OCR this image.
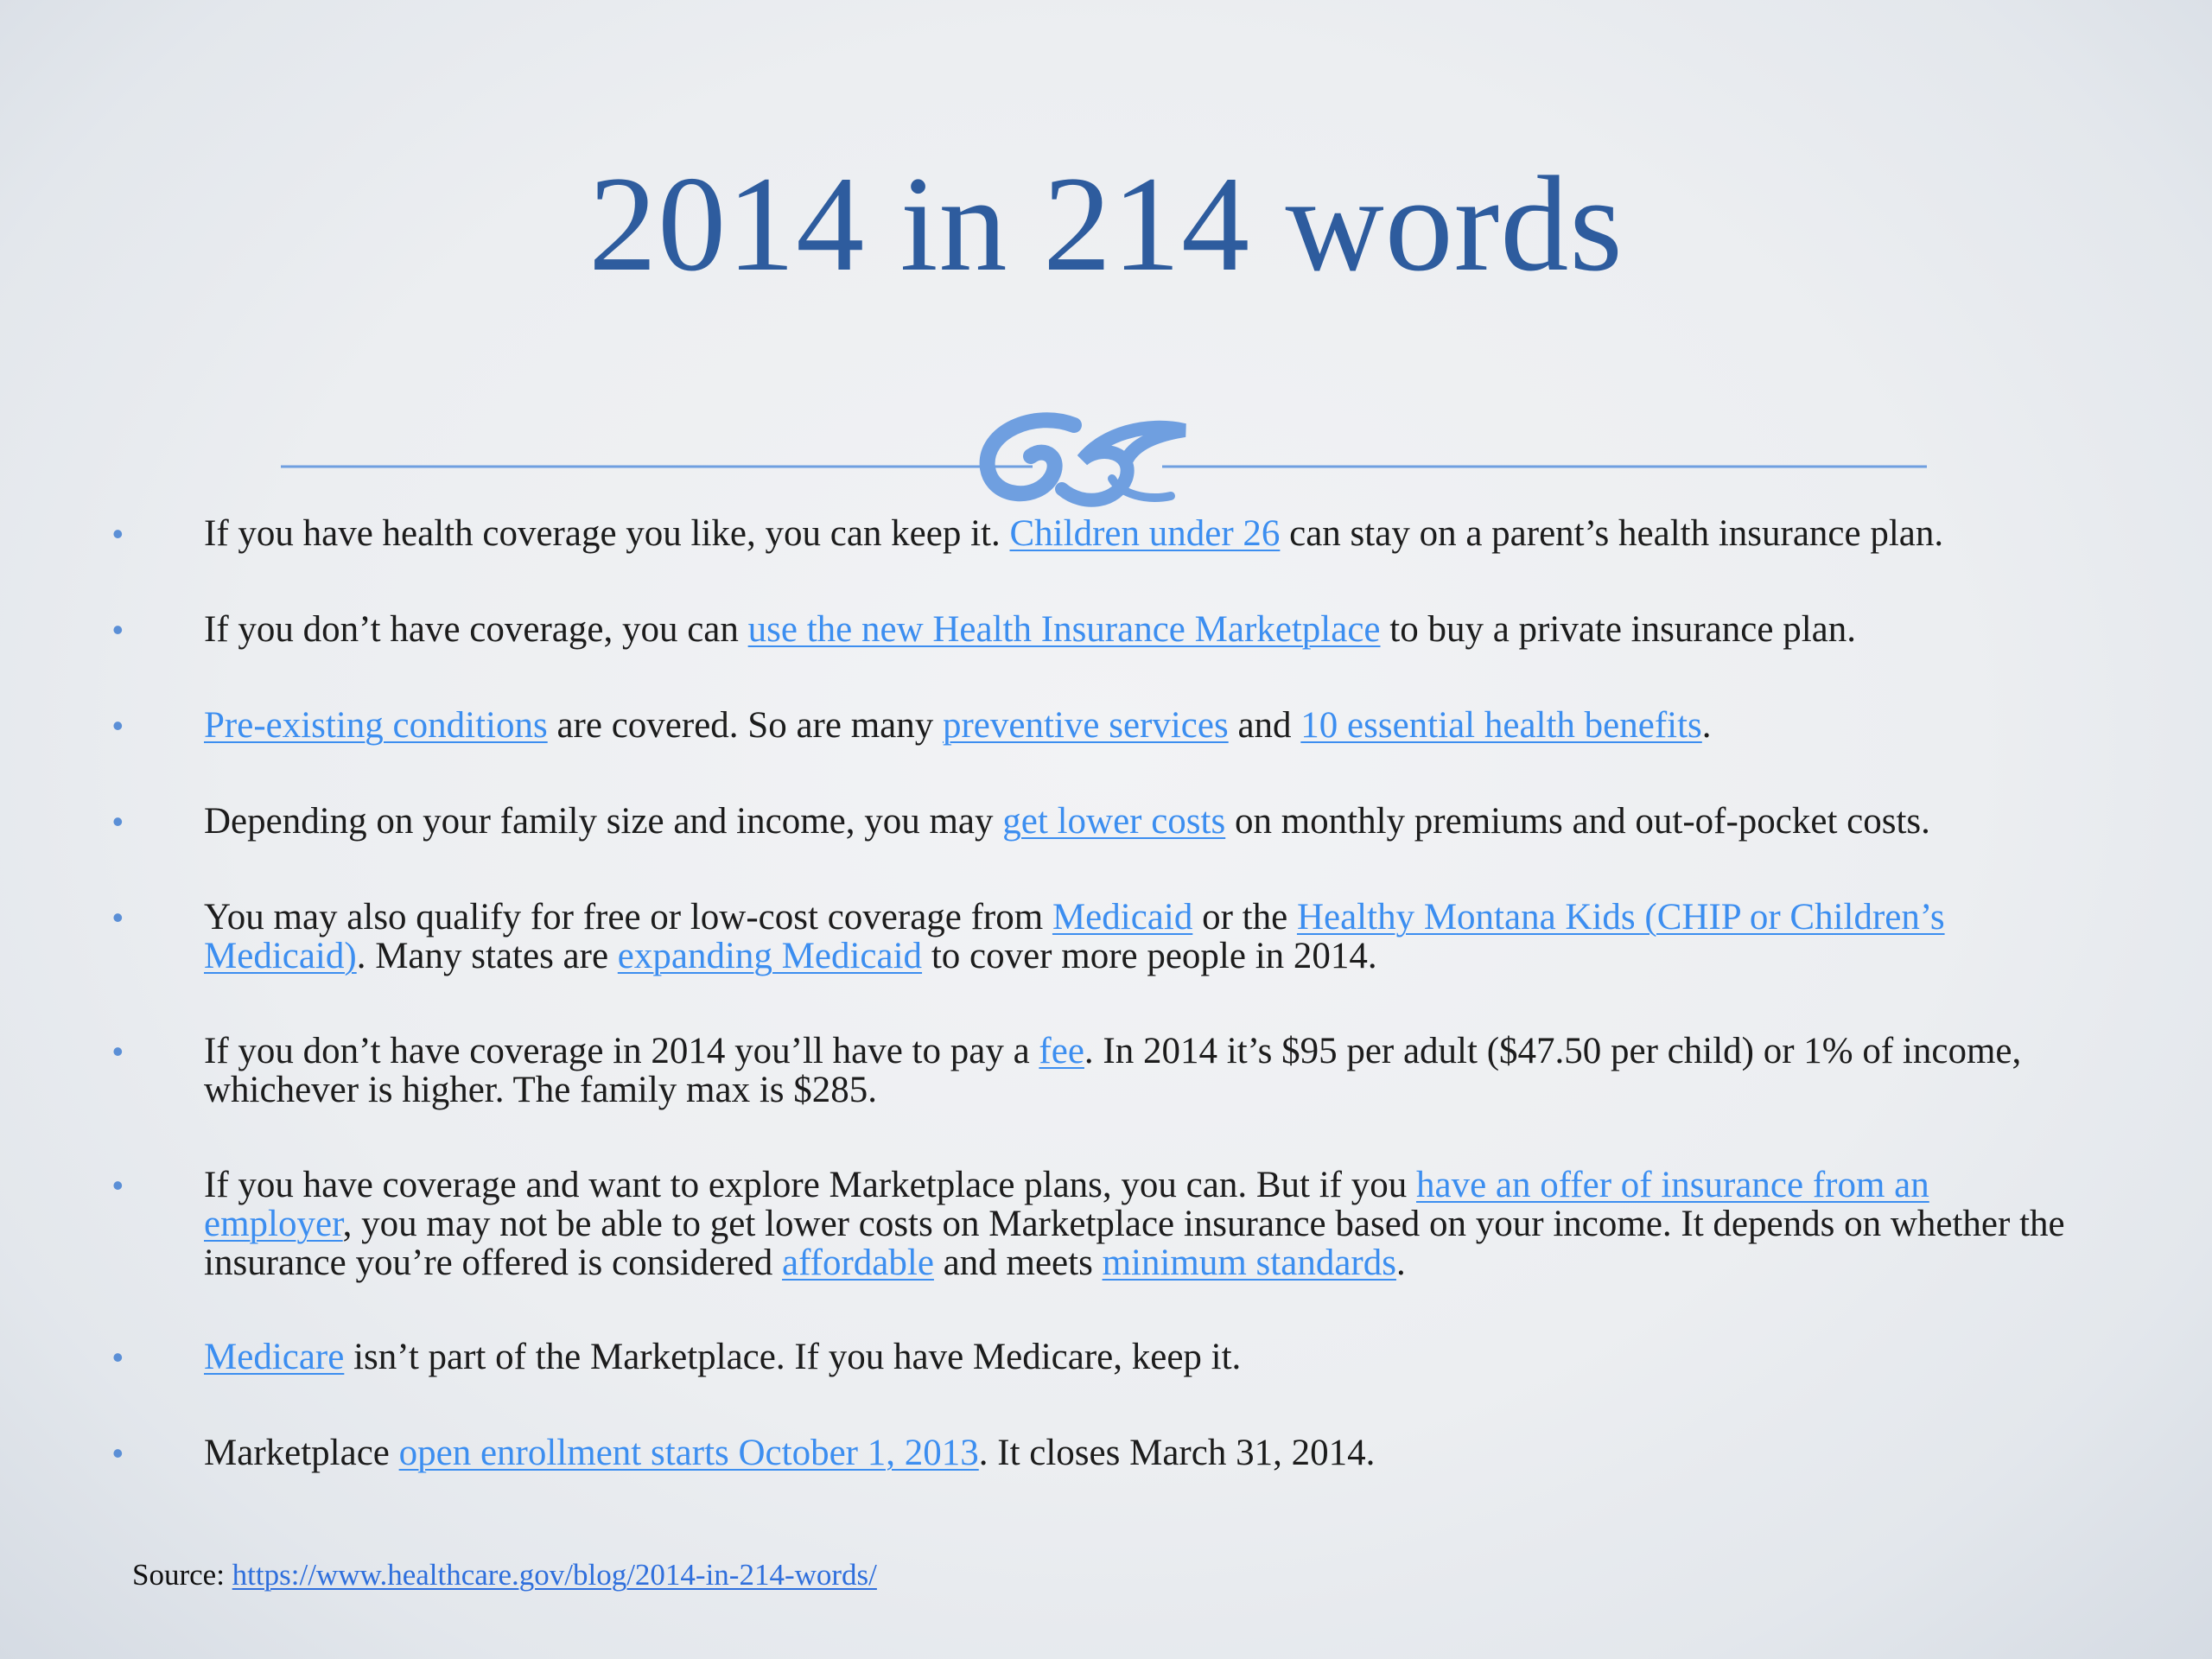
2014 in 214 words
• If you have health coverage you like, you can keep it. Children under 26 can stay on a parent’s health insurance plan.
• If you don’t have coverage, you can use the new Health Insurance Marketplace to buy a private insurance plan.
• Pre-existing conditions are covered. So are many preventive services and 10 essential health benefits.
• Depending on your family size and income, you may get lower costs on monthly premiums and out-of-pocket costs.
• You may also qualify for free or low-cost coverage from Medicaid or the Healthy Montana Kids (CHIP or Children’s Medicaid). Many states are expanding Medicaid to cover more people in 2014.
• If you don’t have coverage in 2014 you’ll have to pay a fee. In 2014 it’s $95 per adult ($47.50 per child) or 1% of income, whichever is higher. The family max is $285.
• If you have coverage and want to explore Marketplace plans, you can. But if you have an offer of insurance from an employer, you may not be able to get lower costs on Marketplace insurance based on your income. It depends on whether the insurance you’re offered is considered affordable and meets minimum standards.
• Medicare isn’t part of the Marketplace. If you have Medicare, keep it.
• Marketplace open enrollment starts October 1, 2013. It closes March 31, 2014.
Source: https://www.healthcare.gov/blog/2014-in-214-words/
